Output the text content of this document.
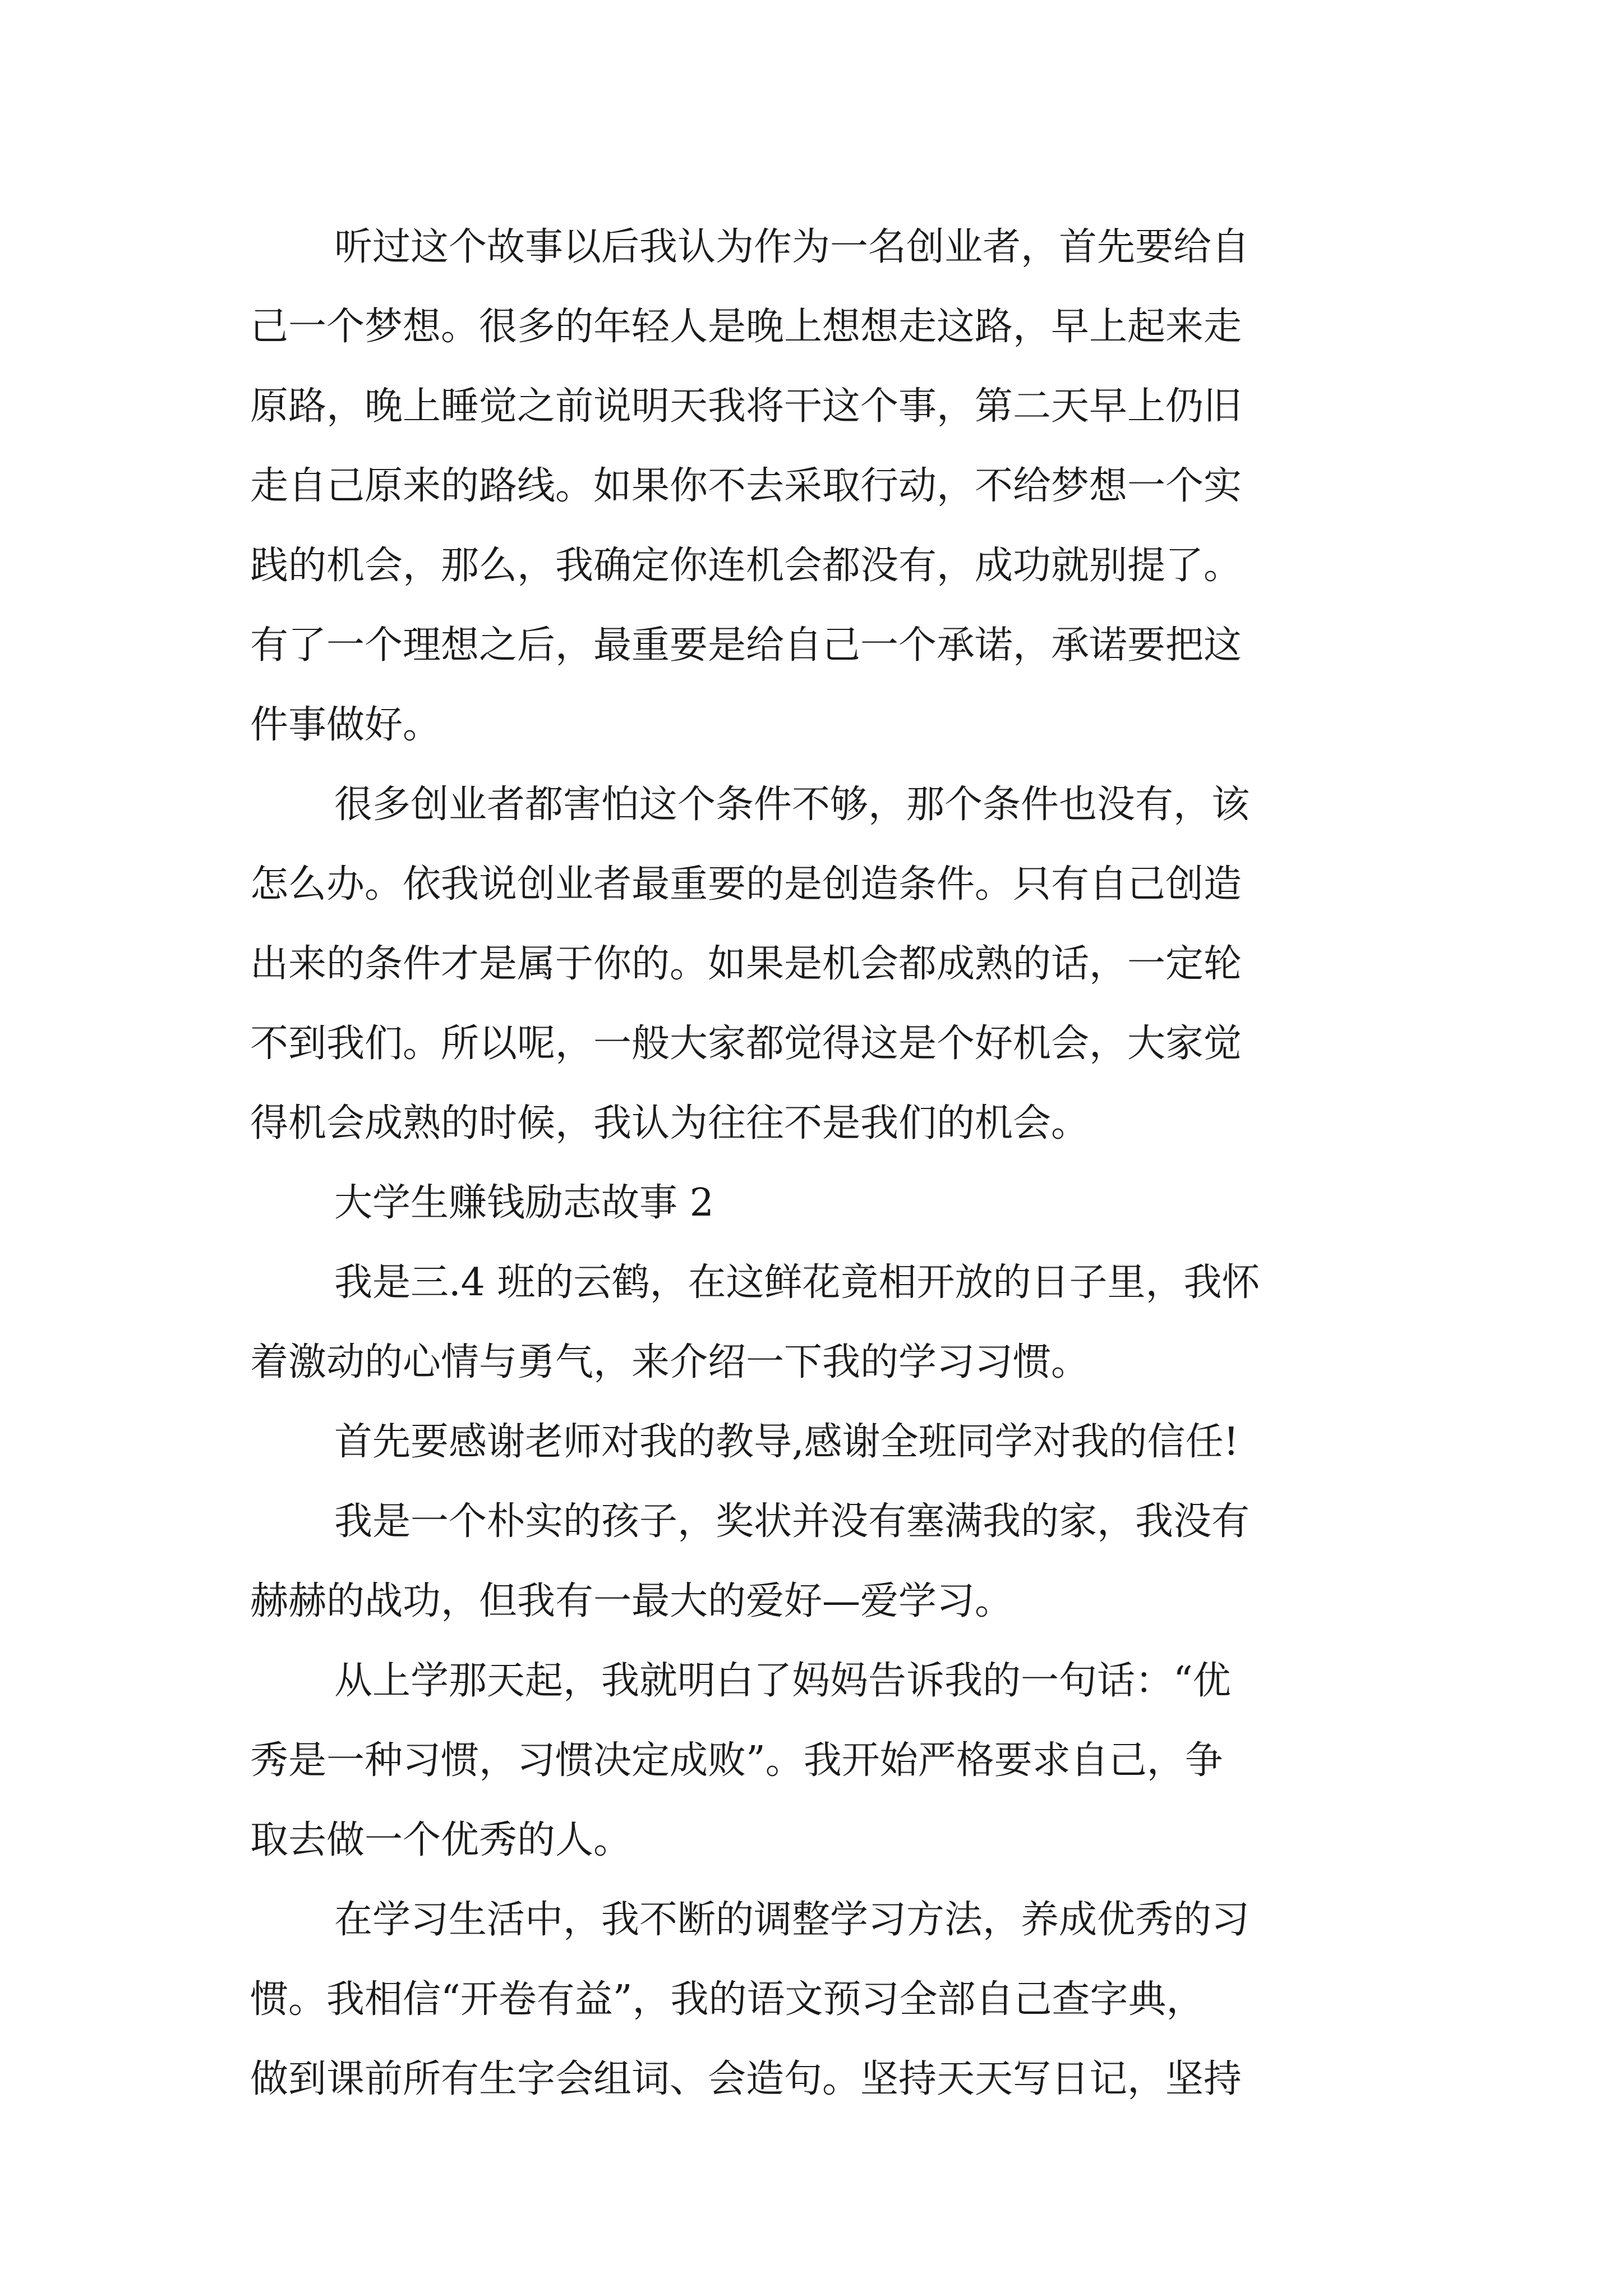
听过这个故事以后我认为作为一名创业者，首先要给自
己一个梦想。很多的年轻人是晚上想想走这路，早上起来走
原路，晚上睡觉之前说明天我将干这个事，第二天早上仍旧
走自己原来的路线。如果你不去采取行动，不给梦想一个实
践的机会，那么，我确定你连机会都没有，成功就别提了。
有了一个理想之后，最重要是给自己一个承诺，承诺要把这
件事做好。
很多创业者都害怕这个条件不够，那个条件也没有，该
怎么办。依我说创业者最重要的是创造条件。只有自己创造
出来的条件才是属于你的。如果是机会都成熟的话，一定轮
不到我们。所以呢，一般大家都觉得这是个好机会，大家觉
得机会成熟的时候，我认为往往不是我们的机会。
大学生赚钱励志故事 2
我是三.4 班的云鹤，在这鲜花竟相开放的日子里，我怀
着激动的心情与勇气，来介绍一下我的学习习惯。
首先要感谢老师对我的教导,感谢全班同学对我的信任!
我是一个朴实的孩子，奖状并没有塞满我的家，我没有
赫赫的战功，但我有一最大的爱好—爱学习。
从上学那天起，我就明白了妈妈告诉我的一句话：“优
秀是一种习惯，习惯决定成败”。我开始严格要求自己，争
取去做一个优秀的人。
在学习生活中，我不断的调整学习方法，养成优秀的习
惯。我相信“开卷有益”，我的语文预习全部自己查字典，
做到课前所有生字会组词、会造句。坚持天天写日记，坚持
